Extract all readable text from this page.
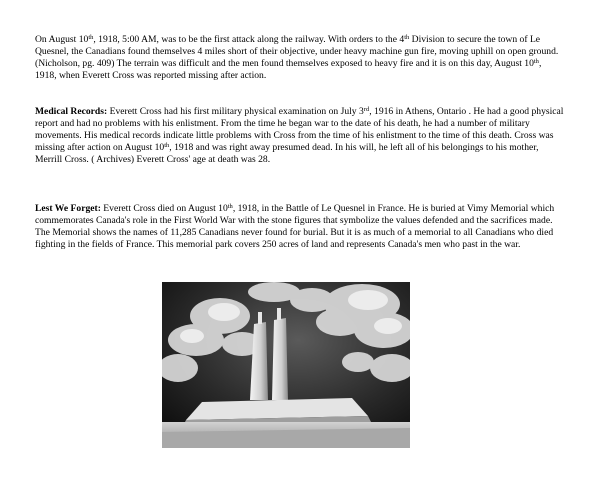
On August 10th, 1918, 5:00 AM, was to be the first attack along the railway. With orders to the 4th Division to secure the town of Le Quesnel, the Canadians found themselves 4 miles short of their objective, under heavy machine gun fire, moving uphill on open ground. (Nicholson, pg. 409) The terrain was difficult and the men found themselves exposed to heavy fire and it is on this day, August 10th, 1918, when Everett Cross was reported missing after action.

Medical Records: Everett Cross had his first military physical examination on July 3rd, 1916 in Athens, Ontario . He had a good physical report and had no problems with his enlistment. From the time he began war to the date of his death, he had a number of military movements. His medical records indicate little problems with Cross from the time of his enlistment to the time of this death. Cross was missing after action on August 10th, 1918 and was right away presumed dead. In his will, he left all of his belongings to his mother, Merrill Cross. ( Archives) Everett Cross' age at death was 28.

Lest We Forget: Everett Cross died on August 10th, 1918, in the Battle of Le Quesnel in France. He is buried at Vimy Memorial which commemorates Canada's role in the First World War with the stone figures that symbolize the values defended and the sacrifices made. The Memorial shows the names of 11,285 Canadians never found for burial. But it is as much of a memorial to all Canadians who died fighting in the fields of France. This memorial park covers 250 acres of land and represents Canada's men who past in the war.
